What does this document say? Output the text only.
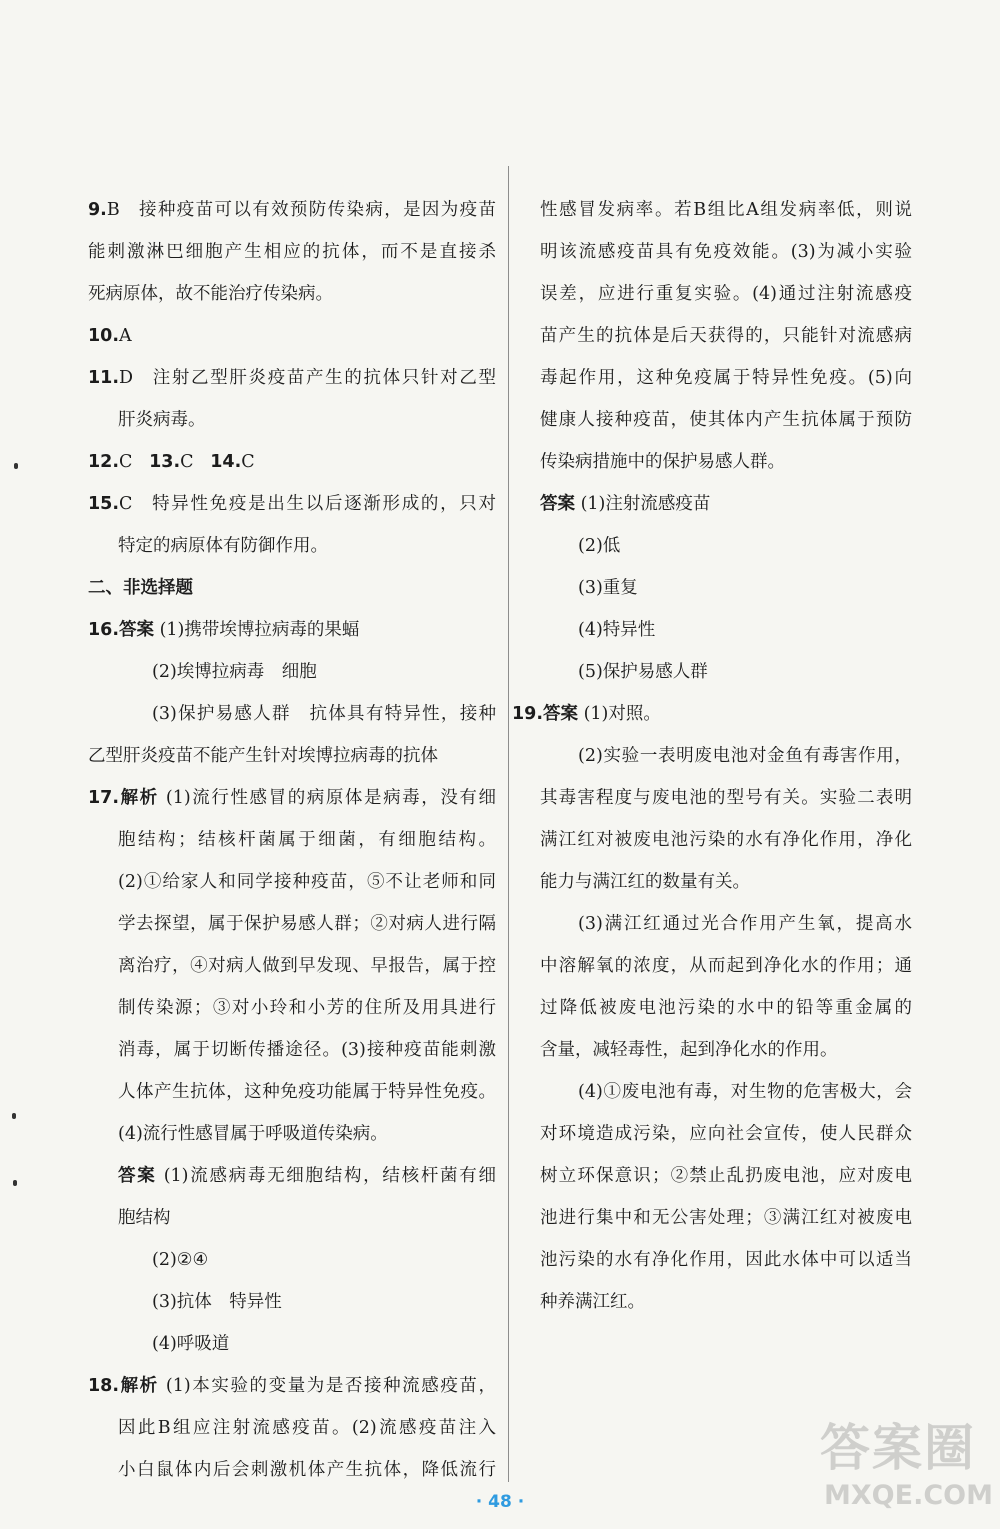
9.B 接种疫苗可以有效预防传染病，是因为疫苗
能刺激淋巴细胞产生相应的抗体，而不是直接杀
死病原体，故不能治疗传染病。
10.A
11.D 注射乙型肝炎疫苗产生的抗体只针对乙型
肝炎病毒。
12.C 13.C 14.C
15.C 特异性免疫是出生以后逐渐形成的，只对
特定的病原体有防御作用。
二、非选择题
16.答案 (1)携带埃博拉病毒的果蝠
(2)埃博拉病毒　细胞
(3)保护易感人群　抗体具有特异性，接种
乙型肝炎疫苗不能产生针对埃博拉病毒的抗体
17.解析 (1)流行性感冒的病原体是病毒，没有细
胞结构；结核杆菌属于细菌，有细胞结构。
(2)①给家人和同学接种疫苗，⑤不让老师和同
学去探望，属于保护易感人群；②对病人进行隔
离治疗，④对病人做到早发现、早报告，属于控
制传染源；③对小玲和小芳的住所及用具进行
消毒，属于切断传播途径。(3)接种疫苗能刺激
人体产生抗体，这种免疫功能属于特异性免疫。
(4)流行性感冒属于呼吸道传染病。
答案 (1)流感病毒无细胞结构，结核杆菌有细
胞结构
(2)②④
(3)抗体　特异性
(4)呼吸道
18.解析 (1)本实验的变量为是否接种流感疫苗，
因此B组应注射流感疫苗。(2)流感疫苗注入
小白鼠体内后会刺激机体产生抗体，降低流行
性感冒发病率。若B组比A组发病率低，则说
明该流感疫苗具有免疫效能。(3)为减小实验
误差，应进行重复实验。(4)通过注射流感疫
苗产生的抗体是后天获得的，只能针对流感病
毒起作用，这种免疫属于特异性免疫。(5)向
健康人接种疫苗，使其体内产生抗体属于预防
传染病措施中的保护易感人群。
答案 (1)注射流感疫苗
(2)低
(3)重复
(4)特异性
(5)保护易感人群
19.答案 (1)对照。
(2)实验一表明废电池对金鱼有毒害作用，
其毒害程度与废电池的型号有关。实验二表明
满江红对被废电池污染的水有净化作用，净化
能力与满江红的数量有关。
(3)满江红通过光合作用产生氧，提高水
中溶解氧的浓度，从而起到净化水的作用；通
过降低被废电池污染的水中的铅等重金属的
含量，减轻毒性，起到净化水的作用。
(4)①废电池有毒，对生物的危害极大，会
对环境造成污染，应向社会宣传，使人民群众
树立环保意识；②禁止乱扔废电池，应对废电
池进行集中和无公害处理；③满江红对被废电
池污染的水有净化作用，因此水体中可以适当
种养满江红。
· 48 ·
答案圈
MXQE.COM
